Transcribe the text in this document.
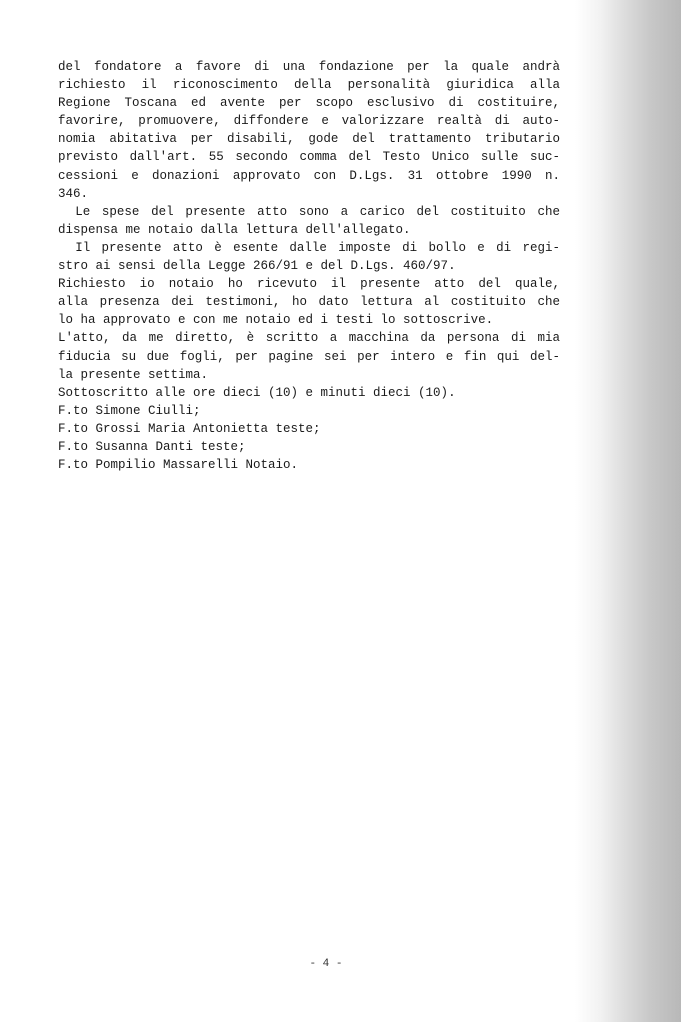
del fondatore a favore di una fondazione per la quale andrà
richiesto il riconoscimento della personalità giuridica alla
Regione Toscana ed avente per scopo esclusivo di costituire,
favorire, promuovere, diffondere e valorizzare realtà di auto-
nomia abitativa per disabili, gode del trattamento tributario
previsto dall'art. 55 secondo comma del Testo Unico sulle suc-
cessioni e donazioni approvato con D.Lgs. 31 ottobre 1990 n.
346.
Le spese del presente atto sono a carico del costituito che
dispensa me notaio dalla lettura dell'allegato.
Il presente atto è esente dalle imposte di bollo e di regi-
stro ai sensi della Legge 266/91 e del D.Lgs. 460/97.
Richiesto io notaio ho ricevuto il presente atto del quale,
alla presenza dei testimoni, ho dato lettura al costituito che
lo ha approvato e con me notaio ed i testi lo sottoscrive.
L'atto, da me diretto, è scritto a macchina da persona di mia
fiducia su due fogli, per pagine sei per intero e fin qui del-
la presente settima.
Sottoscritto alle ore dieci (10) e minuti dieci (10).
F.to Simone Ciulli;
F.to Grossi Maria Antonietta teste;
F.to Susanna Danti teste;
F.to Pompilio Massarelli Notaio.
- 4 -
